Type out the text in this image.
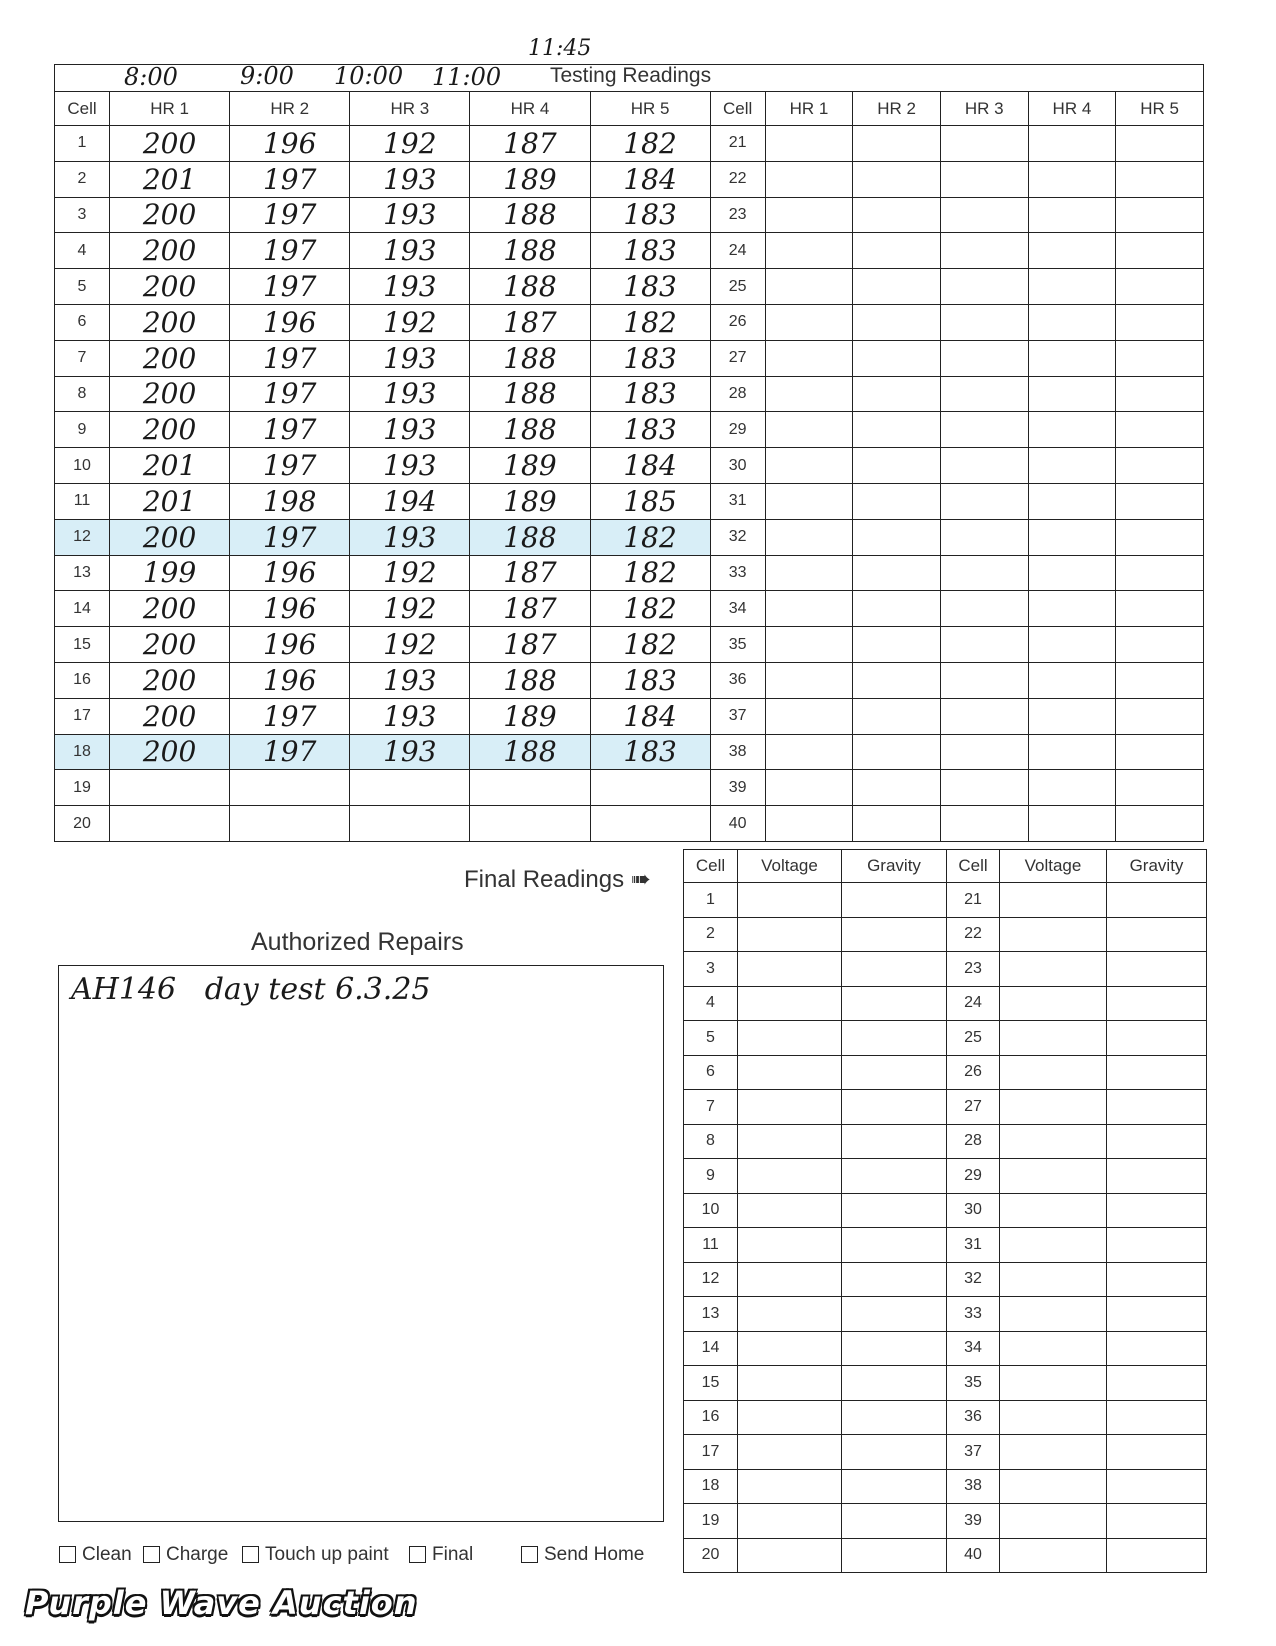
8:00	9:00 10:00 11:00
11:45
Testing Readings
Cell	HR 1	HR 2	HR 3	HR 4	HR 5	Cell	HR 1	HR 2	HR 3	HR 4	HR 5
1	200	196	192	187	182	21					
2	201	197	193	189	184	22					
3	200	197	193	188	183	23					
4	200	197	193	188	183	24					
5	200	197	193	188	183	25					
6	200	196	192	187	182	26					
7	200	197	193	188	183	27					
8	200	197	193	188	183	28					
9	200	197	193	188	183	29					
10	201	197	193	189	184	30					
11	201	198	194	189	185	31					
12	200	197	193	188	182	32					
13	199	196	192	187	182	33					
14	200	196	192	187	182	34					
15	200	196	192	187	182	35					
16	200	196	193	188	183	36					
17	200	197	193	189	184	37					
18	200	197	193	188	183	38					
19						39					
20						40					
Final Readings ➠
Cell	Voltage	Gravity	Cell	Voltage	Gravity
1			21		
2			22		
3			23		
4			24		
5			25		
6			26		
7			27		
8			28		
9			29		
10			30		
11			31		
12			32		
13			33		
14			34		
15			35		
16			36		
17			37		
18			38		
19			39		
20			40		
Authorized Repairs
AH146   day test 6.3.25
Clean	Charge	Touch up paint	Final	Send Home
Purple Wave Auction
